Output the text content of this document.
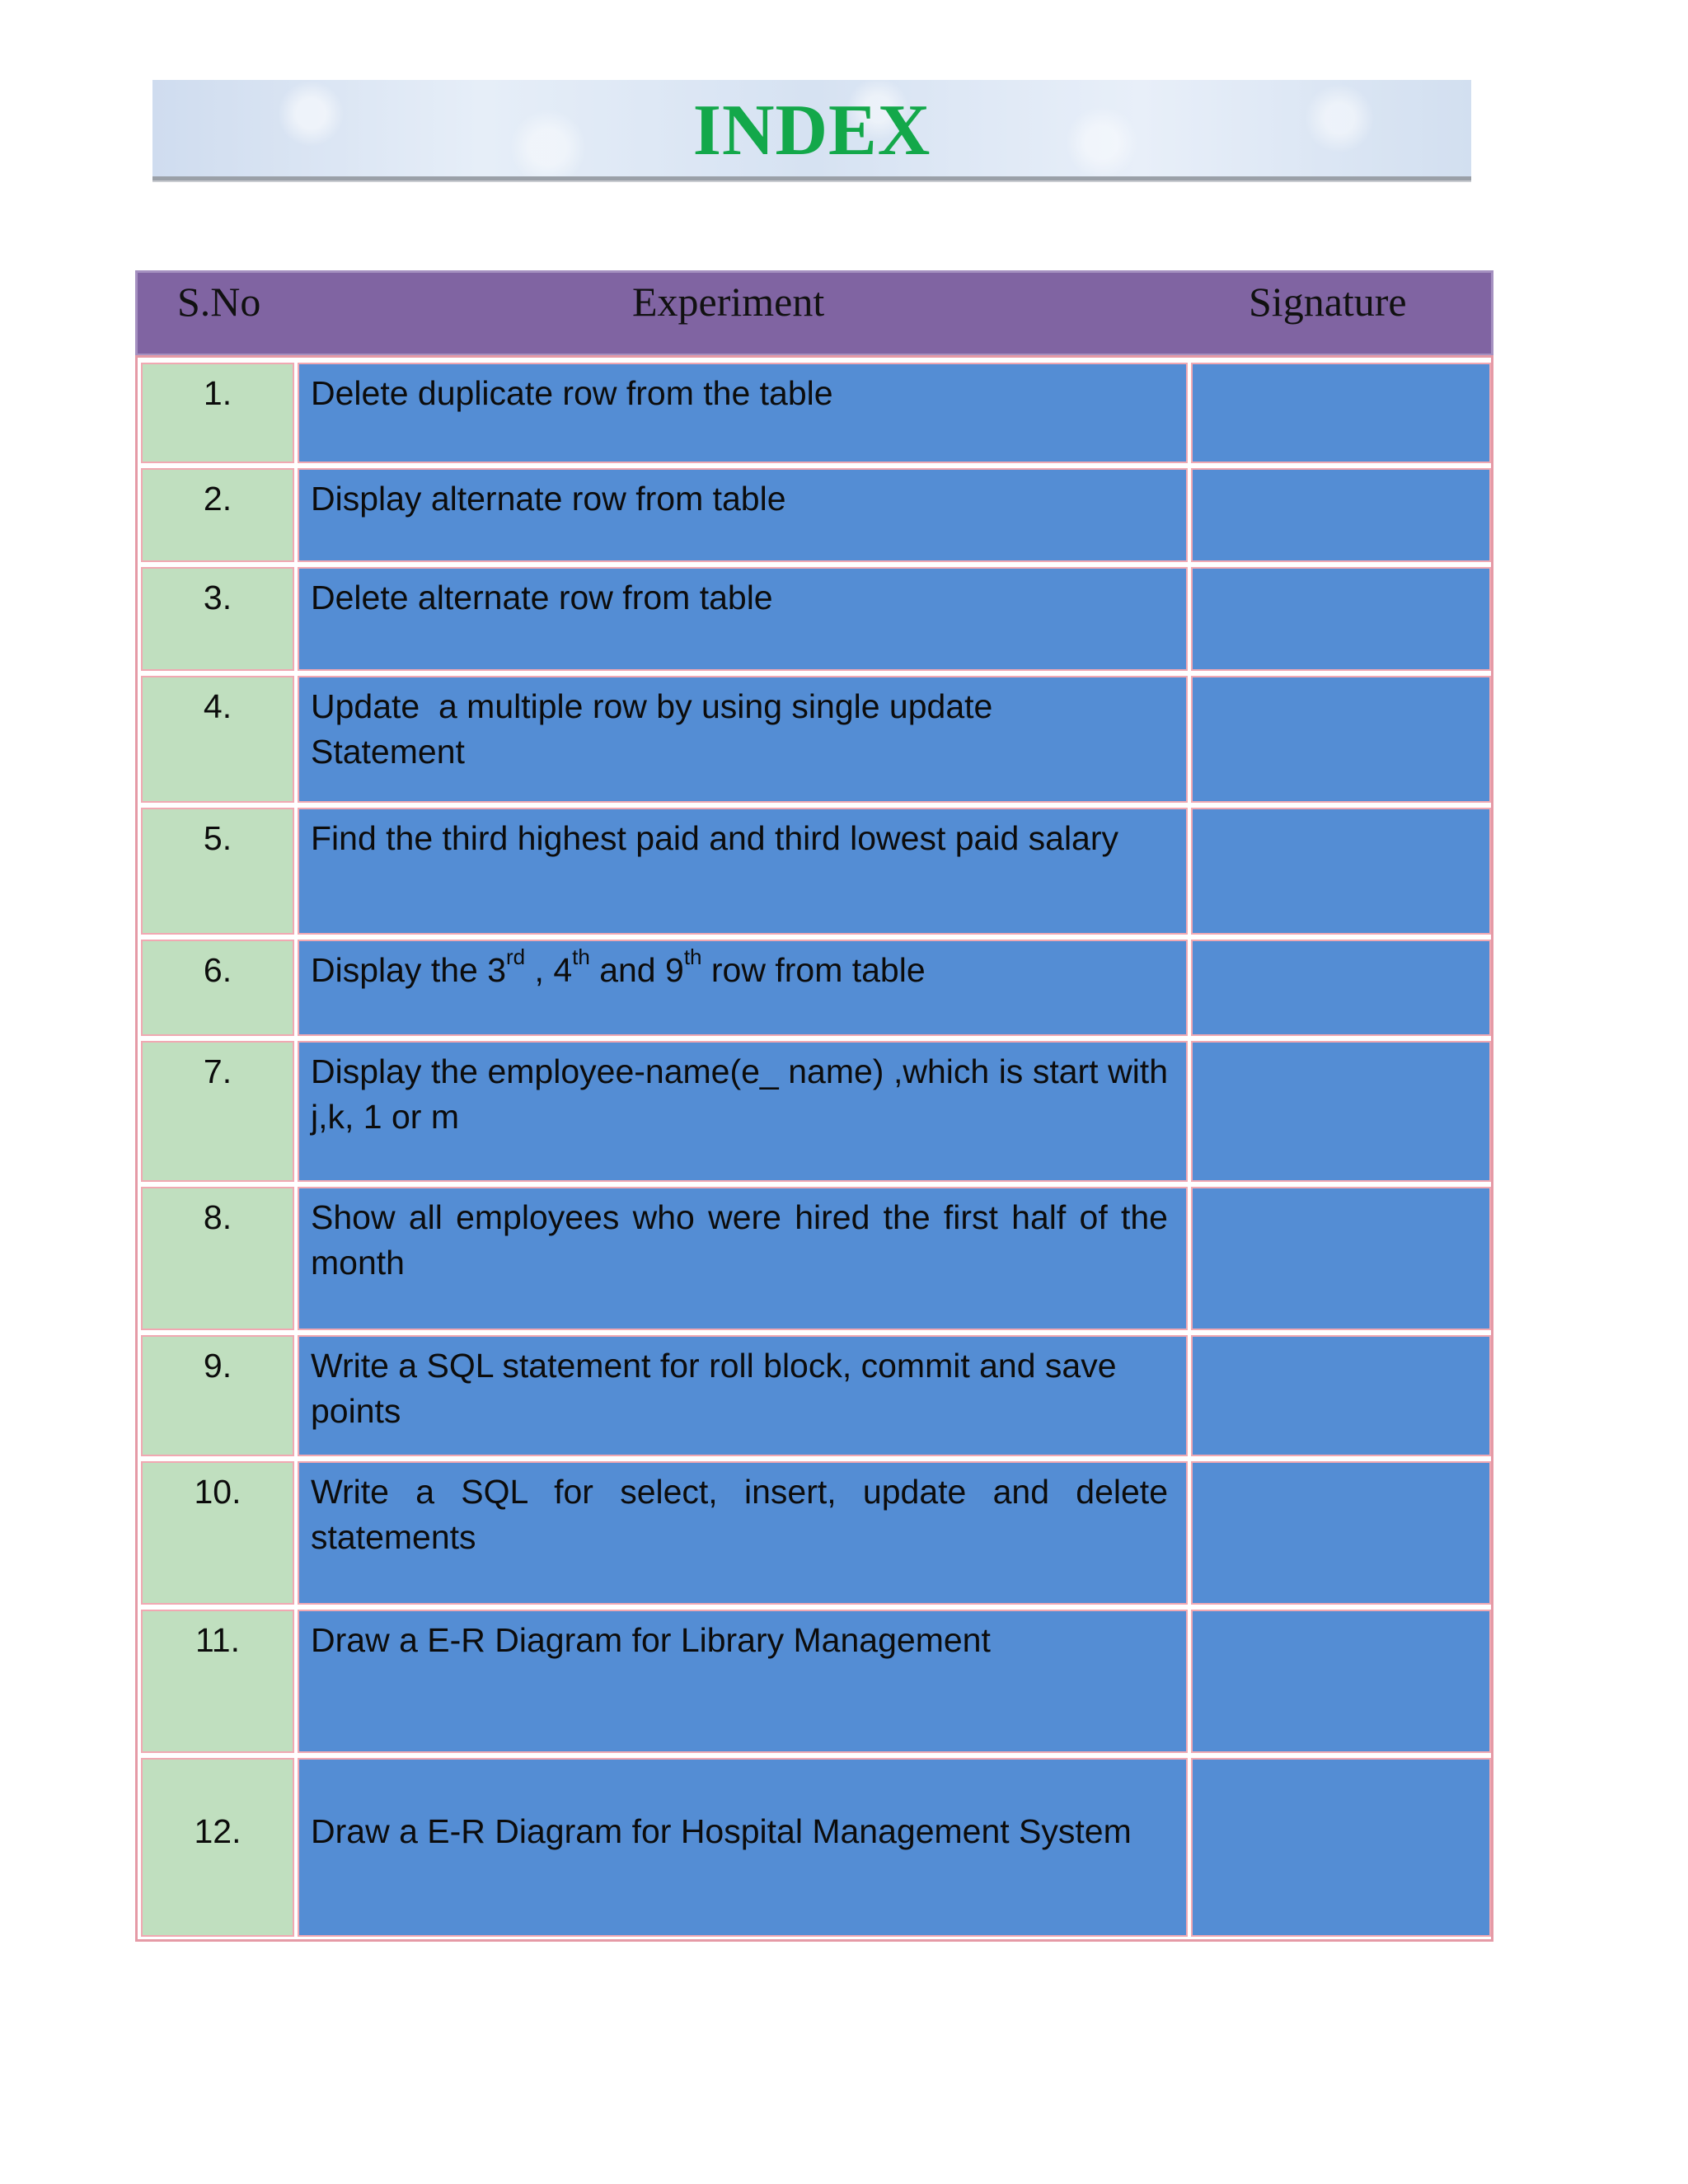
INDEX
S.No	Experiment	Signature
1.	Delete duplicate row from the table
2.	Display alternate row from table
3.	Delete alternate row from table
4.	Update  a multiple row by using single update Statement
5.	Find the third highest paid and third lowest paid salary
6.	Display the 3rd , 4th and 9th row from table
7.	Display the employee-name(e_ name) ,which is start with j,k, 1 or m
8.	Show all employees who were hired the first half of the month
9.	Write a SQL statement for roll block, commit and save points
10.	Write a SQL for select, insert, update and delete statements
11.	Draw a E-R Diagram for Library Management
12.	Draw a E-R Diagram for Hospital Management System
